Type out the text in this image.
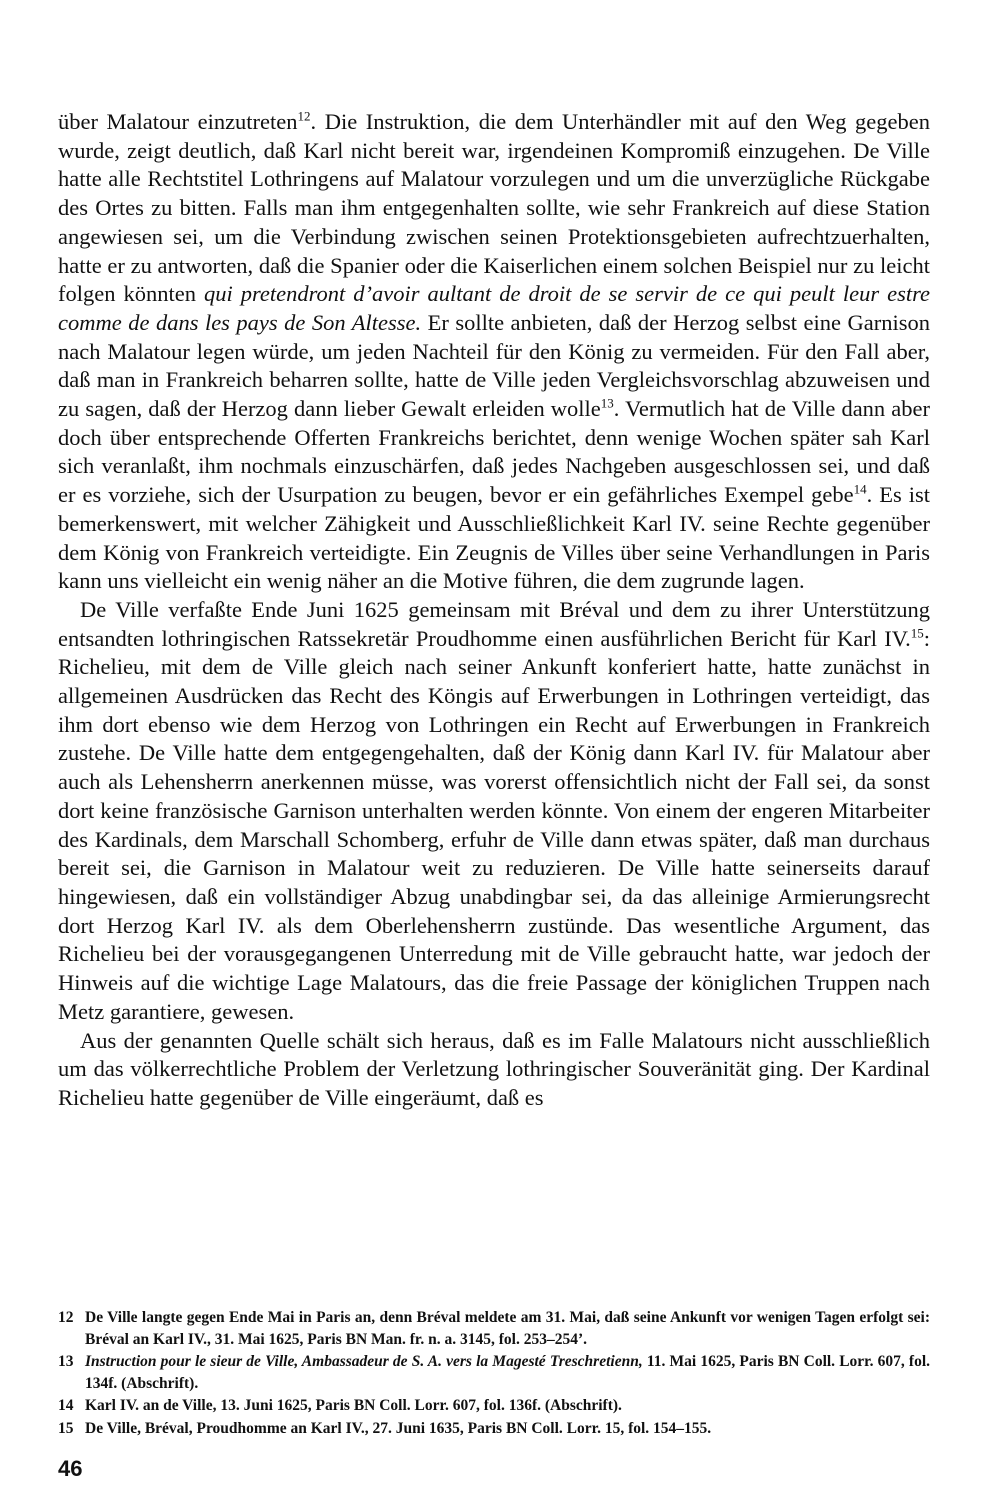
über Malatour einzutreten$^{12}$. Die Instruktion, die dem Unterhändler mit auf den Weg gegeben wurde, zeigt deutlich, daß Karl nicht bereit war, irgendeinen Kompromiß einzugehen. De Ville hatte alle Rechtstitel Lothringens auf Malatour vorzulegen und um die unverzügliche Rückgabe des Ortes zu bitten. Falls man ihm entgegenhalten sollte, wie sehr Frankreich auf diese Station angewiesen sei, um die Verbindung zwischen seinen Protektionsgebieten aufrechtzuerhalten, hatte er zu antworten, daß die Spanier oder die Kaiserlichen einem solchen Beispiel nur zu leicht folgen könnten qui pretendront d’avoir aultant de droit de se servir de ce qui peult leur estre comme de dans les pays de Son Altesse. Er sollte anbieten, daß der Herzog selbst eine Garnison nach Malatour legen würde, um jeden Nachteil für den König zu vermeiden. Für den Fall aber, daß man in Frankreich beharren sollte, hatte de Ville jeden Vergleichsvorschlag abzuweisen und zu sagen, daß der Herzog dann lieber Gewalt erleiden wolle$^{13}$. Vermutlich hat de Ville dann aber doch über entsprechende Offerten Frankreichs berichtet, denn wenige Wochen später sah Karl sich veranlaßt, ihm nochmals einzuschärfen, daß jedes Nachgeben ausgeschlossen sei, und daß er es vorziehe, sich der Usurpation zu beugen, bevor er ein gefährliches Exempel gebe$^{14}$. Es ist bemerkenswert, mit welcher Zähigkeit und Ausschließlichkeit Karl IV. seine Rechte gegenüber dem König von Frankreich verteidigte. Ein Zeugnis de Villes über seine Verhandlungen in Paris kann uns vielleicht ein wenig näher an die Motive führen, die dem zugrunde lagen.

De Ville verfaßte Ende Juni 1625 gemeinsam mit Bréval und dem zu ihrer Unterstützung entsandten lothringischen Ratssekretär Proudhomme einen ausführlichen Bericht für Karl IV.$^{15}$: Richelieu, mit dem de Ville gleich nach seiner Ankunft konferiert hatte, hatte zunächst in allgemeinen Ausdrücken das Recht des Köngis auf Erwerbungen in Lothringen verteidigt, das ihm dort ebenso wie dem Herzog von Lothringen ein Recht auf Erwerbungen in Frankreich zustehe. De Ville hatte dem entgegengehalten, daß der König dann Karl IV. für Malatour aber auch als Lehensherrn anerkennen müsse, was vorerst offensichtlich nicht der Fall sei, da sonst dort keine französische Garnison unterhalten werden könnte. Von einem der engeren Mitarbeiter des Kardinals, dem Marschall Schomberg, erfuhr de Ville dann etwas später, daß man durchaus bereit sei, die Garnison in Malatour weit zu reduzieren. De Ville hatte seinerseits darauf hingewiesen, daß ein vollständiger Abzug unabdingbar sei, da das alleinige Armierungsrecht dort Herzog Karl IV. als dem Oberlehensherrn zustünde. Das wesentliche Argument, das Richelieu bei der vorausgegangenen Unterredung mit de Ville gebraucht hatte, war jedoch der Hinweis auf die wichtige Lage Malatours, das die freie Passage der königlichen Truppen nach Metz garantiere, gewesen.

Aus der genannten Quelle schält sich heraus, daß es im Falle Malatours nicht ausschließlich um das völkerrechtliche Problem der Verletzung lothringischer Souveränität ging. Der Kardinal Richelieu hatte gegenüber de Ville eingeräumt, daß es

12 De Ville langte gegen Ende Mai in Paris an, denn Bréval meldete am 31. Mai, daß seine Ankunft vor wenigen Tagen erfolgt sei: Bréval an Karl IV., 31. Mai 1625, Paris BN Man. fr. n. a. 3145, fol. 253–254’.
13 Instruction pour le sieur de Ville, Ambassadeur de S. A. vers la Magesté Treschretienn, 11. Mai 1625, Paris BN Coll. Lorr. 607, fol. 134f. (Abschrift).
14 Karl IV. an de Ville, 13. Juni 1625, Paris BN Coll. Lorr. 607, fol. 136f. (Abschrift).
15 De Ville, Bréval, Proudhomme an Karl IV., 27. Juni 1635, Paris BN Coll. Lorr. 15, fol. 154–155.
46
